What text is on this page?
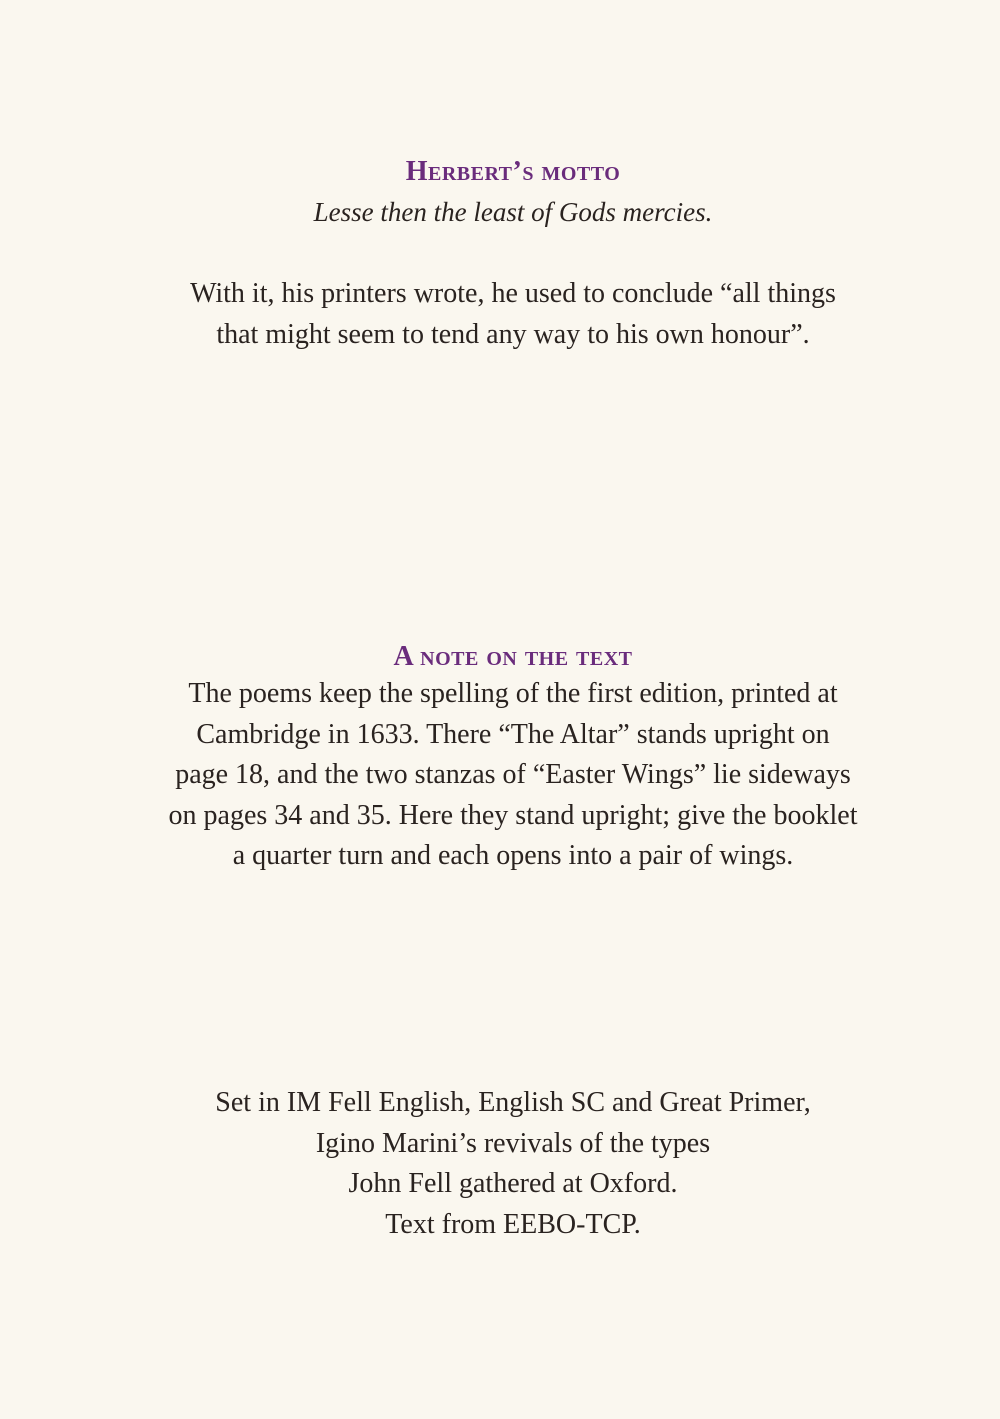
Herbert’s motto

Lesse then the least of Gods mercies.

With it, his printers wrote, he used to conclude “all things
that might seem to tend any way to his own honour”.

A note on the text

The poems keep the spelling of the first edition, printed at
Cambridge in 1633. There “The Altar” stands upright on
page 18, and the two stanzas of “Easter Wings” lie sideways
on pages 34 and 35. Here they stand upright; give the booklet
a quarter turn and each opens into a pair of wings.

Set in IM Fell English, English SC and Great Primer,
Igino Marini’s revivals of the types
John Fell gathered at Oxford.
Text from EEBO-TCP.
